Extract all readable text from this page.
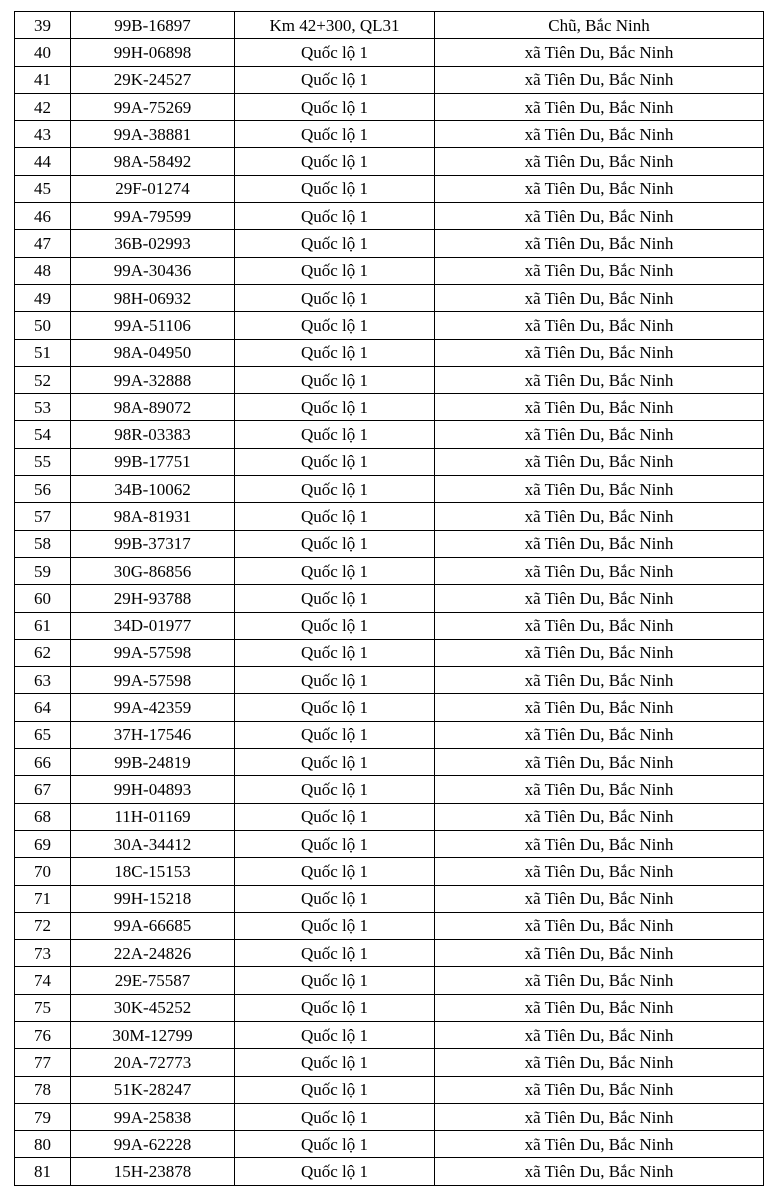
39	99B-16897	Km 42+300, QL31	Chũ, Bắc Ninh
40	99H-06898	Quốc lộ 1	xã Tiên Du, Bắc Ninh
41	29K-24527	Quốc lộ 1	xã Tiên Du, Bắc Ninh
42	99A-75269	Quốc lộ 1	xã Tiên Du, Bắc Ninh
43	99A-38881	Quốc lộ 1	xã Tiên Du, Bắc Ninh
44	98A-58492	Quốc lộ 1	xã Tiên Du, Bắc Ninh
45	29F-01274	Quốc lộ 1	xã Tiên Du, Bắc Ninh
46	99A-79599	Quốc lộ 1	xã Tiên Du, Bắc Ninh
47	36B-02993	Quốc lộ 1	xã Tiên Du, Bắc Ninh
48	99A-30436	Quốc lộ 1	xã Tiên Du, Bắc Ninh
49	98H-06932	Quốc lộ 1	xã Tiên Du, Bắc Ninh
50	99A-51106	Quốc lộ 1	xã Tiên Du, Bắc Ninh
51	98A-04950	Quốc lộ 1	xã Tiên Du, Bắc Ninh
52	99A-32888	Quốc lộ 1	xã Tiên Du, Bắc Ninh
53	98A-89072	Quốc lộ 1	xã Tiên Du, Bắc Ninh
54	98R-03383	Quốc lộ 1	xã Tiên Du, Bắc Ninh
55	99B-17751	Quốc lộ 1	xã Tiên Du, Bắc Ninh
56	34B-10062	Quốc lộ 1	xã Tiên Du, Bắc Ninh
57	98A-81931	Quốc lộ 1	xã Tiên Du, Bắc Ninh
58	99B-37317	Quốc lộ 1	xã Tiên Du, Bắc Ninh
59	30G-86856	Quốc lộ 1	xã Tiên Du, Bắc Ninh
60	29H-93788	Quốc lộ 1	xã Tiên Du, Bắc Ninh
61	34D-01977	Quốc lộ 1	xã Tiên Du, Bắc Ninh
62	99A-57598	Quốc lộ 1	xã Tiên Du, Bắc Ninh
63	99A-57598	Quốc lộ 1	xã Tiên Du, Bắc Ninh
64	99A-42359	Quốc lộ 1	xã Tiên Du, Bắc Ninh
65	37H-17546	Quốc lộ 1	xã Tiên Du, Bắc Ninh
66	99B-24819	Quốc lộ 1	xã Tiên Du, Bắc Ninh
67	99H-04893	Quốc lộ 1	xã Tiên Du, Bắc Ninh
68	11H-01169	Quốc lộ 1	xã Tiên Du, Bắc Ninh
69	30A-34412	Quốc lộ 1	xã Tiên Du, Bắc Ninh
70	18C-15153	Quốc lộ 1	xã Tiên Du, Bắc Ninh
71	99H-15218	Quốc lộ 1	xã Tiên Du, Bắc Ninh
72	99A-66685	Quốc lộ 1	xã Tiên Du, Bắc Ninh
73	22A-24826	Quốc lộ 1	xã Tiên Du, Bắc Ninh
74	29E-75587	Quốc lộ 1	xã Tiên Du, Bắc Ninh
75	30K-45252	Quốc lộ 1	xã Tiên Du, Bắc Ninh
76	30M-12799	Quốc lộ 1	xã Tiên Du, Bắc Ninh
77	20A-72773	Quốc lộ 1	xã Tiên Du, Bắc Ninh
78	51K-28247	Quốc lộ 1	xã Tiên Du, Bắc Ninh
79	99A-25838	Quốc lộ 1	xã Tiên Du, Bắc Ninh
80	99A-62228	Quốc lộ 1	xã Tiên Du, Bắc Ninh
81	15H-23878	Quốc lộ 1	xã Tiên Du, Bắc Ninh
